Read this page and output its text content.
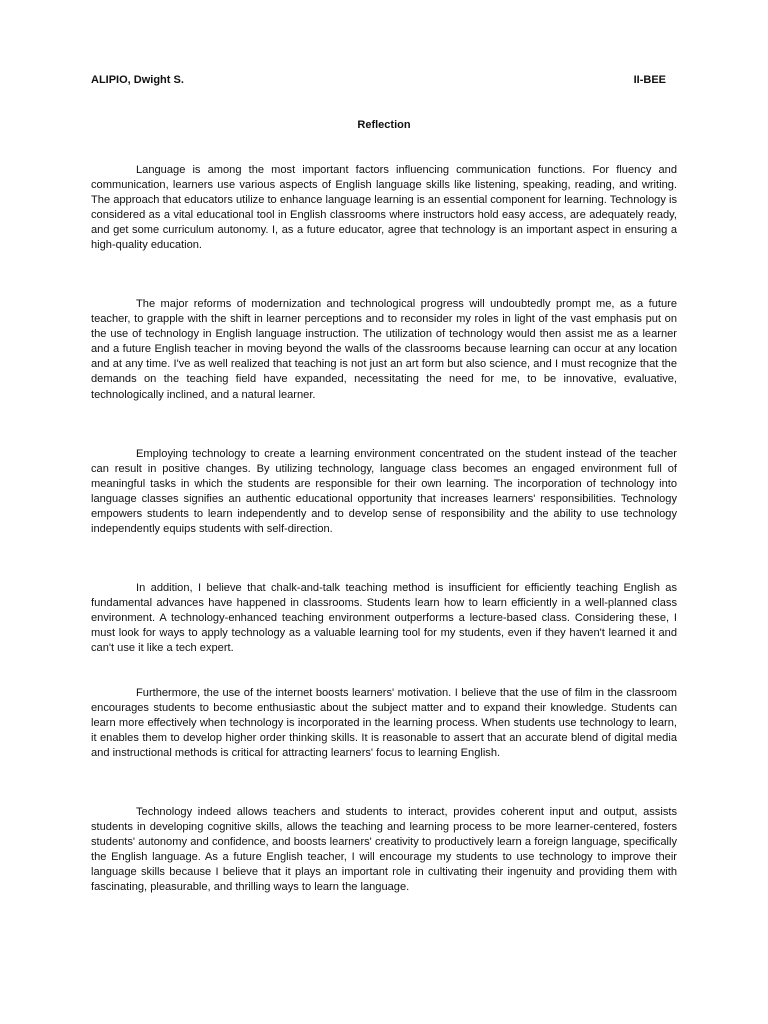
ALIPIO, Dwight S.	II-BEE
Reflection

Language is among the most important factors influencing communication functions. For fluency and communication, learners use various aspects of English language skills like listening, speaking, reading, and writing. The approach that educators utilize to enhance language learning is an essential component for learning. Technology is considered as a vital educational tool in English classrooms where instructors hold easy access, are adequately ready, and get some curriculum autonomy. I, as a future educator, agree that technology is an important aspect in ensuring a high-quality education.

The major reforms of modernization and technological progress will undoubtedly prompt me, as a future teacher, to grapple with the shift in learner perceptions and to reconsider my roles in light of the vast emphasis put on the use of technology in English language instruction. The utilization of technology would then assist me as a learner and a future English teacher in moving beyond the walls of the classrooms because learning can occur at any location and at any time. I've as well realized that teaching is not just an art form but also science, and I must recognize that the demands on the teaching field have expanded, necessitating the need for me, to be innovative, evaluative, technologically inclined, and a natural learner.

Employing technology to create a learning environment concentrated on the student instead of the teacher can result in positive changes. By utilizing technology, language class becomes an engaged environment full of meaningful tasks in which the students are responsible for their own learning. The incorporation of technology into language classes signifies an authentic educational opportunity that increases learners' responsibilities. Technology empowers students to learn independently and to develop sense of responsibility and the ability to use technology independently equips students with self-direction.

In addition, I believe that chalk-and-talk teaching method is insufficient for efficiently teaching English as fundamental advances have happened in classrooms. Students learn how to learn efficiently in a well-planned class environment. A technology-enhanced teaching environment outperforms a lecture-based class. Considering these, I must look for ways to apply technology as a valuable learning tool for my students, even if they haven't learned it and can't use it like a tech expert.

Furthermore, the use of the internet boosts learners' motivation. I believe that the use of film in the classroom encourages students to become enthusiastic about the subject matter and to expand their knowledge. Students can learn more effectively when technology is incorporated in the learning process. When students use technology to learn, it enables them to develop higher order thinking skills. It is reasonable to assert that an accurate blend of digital media and instructional methods is critical for attracting learners' focus to learning English.

Technology indeed allows teachers and students to interact, provides coherent input and output, assists students in developing cognitive skills, allows the teaching and learning process to be more learner-centered, fosters students' autonomy and confidence, and boosts learners' creativity to productively learn a foreign language, specifically the English language. As a future English teacher, I will encourage my students to use technology to improve their language skills because I believe that it plays an important role in cultivating their ingenuity and providing them with fascinating, pleasurable, and thrilling ways to learn the language.
